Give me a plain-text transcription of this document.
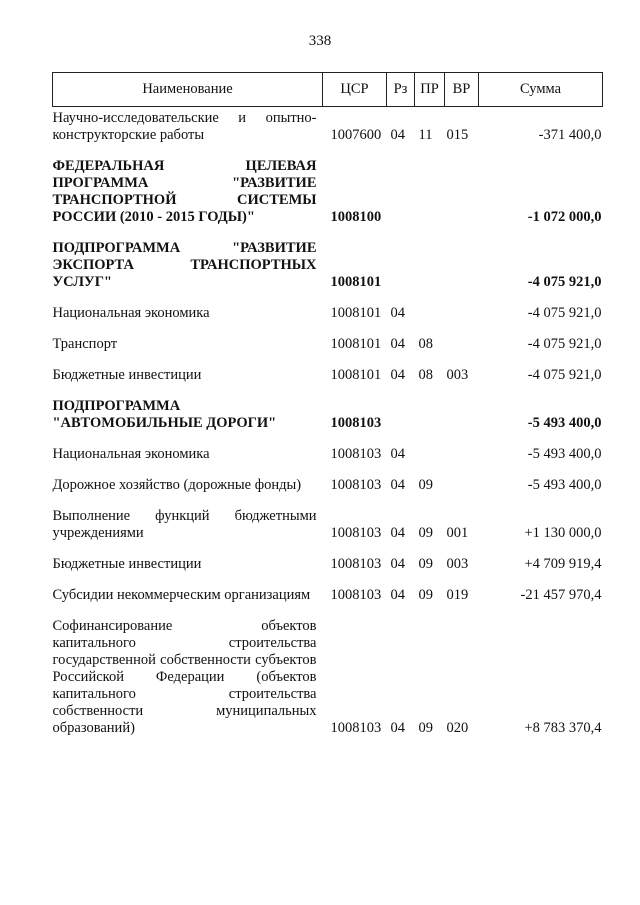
338
Наименование	ЦСР	Рз	ПР	ВР	Сумма
Научно-исследовательские и опытно-конструкторские работы	1007600	04	11	015	-371 400,0
ФЕДЕРАЛЬНАЯ ЦЕЛЕВАЯ ПРОГРАММА "РАЗВИТИЕ ТРАНСПОРТНОЙ СИСТЕМЫ РОССИИ (2010 - 2015 ГОДЫ)"	1008100				-1 072 000,0
ПОДПРОГРАММА "РАЗВИТИЕ ЭКСПОРТА ТРАНСПОРТНЫХ УСЛУГ"	1008101				-4 075 921,0
Национальная экономика	1008101	04			-4 075 921,0
Транспорт	1008101	04	08		-4 075 921,0
Бюджетные инвестиции	1008101	04	08	003	-4 075 921,0
ПОДПРОГРАММА "АВТОМОБИЛЬНЫЕ ДОРОГИ"	1008103				-5 493 400,0
Национальная экономика	1008103	04			-5 493 400,0
Дорожное хозяйство (дорожные фонды)	1008103	04	09		-5 493 400,0
Выполнение функций бюджетными учреждениями	1008103	04	09	001	+1 130 000,0
Бюджетные инвестиции	1008103	04	09	003	+4 709 919,4
Субсидии некоммерческим организациям	1008103	04	09	019	-21 457 970,4
Софинансирование объектов капитального строительства государственной собственности субъектов Российской Федерации (объектов капитального строительства собственности муниципальных образований)	1008103	04	09	020	+8 783 370,4
